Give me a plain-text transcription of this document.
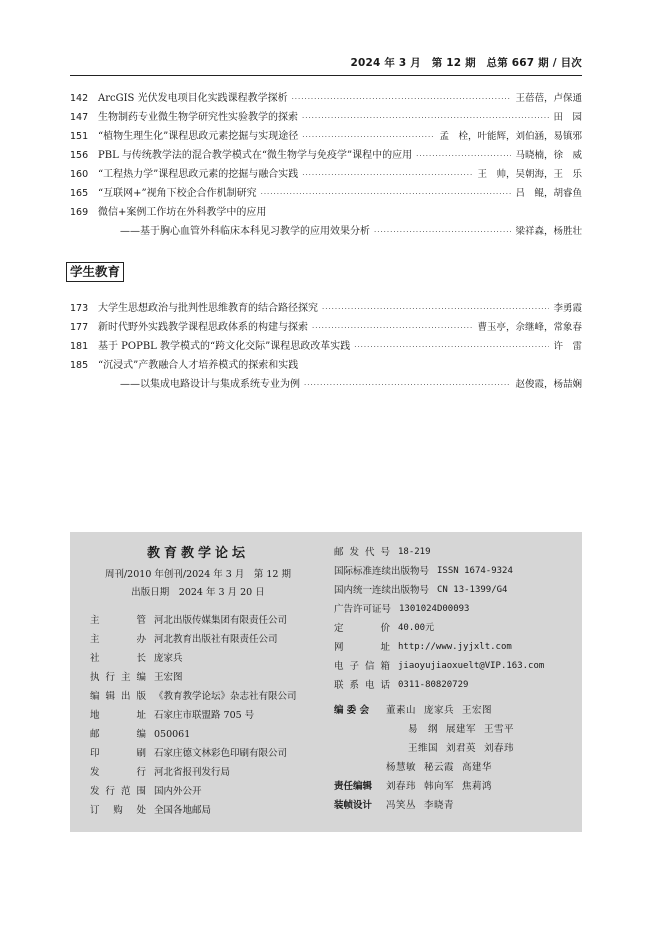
2024 年 3 月　第 12 期　总第 667 期 / 目次
142 ArcGIS 光伏发电项目化实践课程教学探析 ·····	王蓓蓓，卢保通
147 生物制药专业微生物学研究性实验教学的探索 ·····	田　园
151 “植物生理生化”课程思政元素挖掘与实现途径 ·····	孟　栓，叶能辉，刘伯涵，易镇邪
156 PBL 与传统教学法的混合教学模式在“微生物学与免疫学”课程中的应用 ·····	马晓楠，徐　威
160 “工程热力学”课程思政元素的挖掘与融合实践 ·····	王　帅，吴朝海，王　乐
165 “互联网+”视角下校企合作机制研究 ·····	吕　鲲，胡睿鱼
169 微信+案例工作坊在外科教学中的应用
——基于胸心血管外科临床本科见习教学的应用效果分析 ·····	梁祥森，杨胜壮
学生教育
173 大学生思想政治与批判性思维教育的结合路径探究 ·····	李勇霞
177 新时代野外实践教学课程思政体系的构建与探索 ·····	曹玉亭，佘继峰，常象春
181 基于 POPBL 教学模式的“跨文化交际”课程思政改革实践 ·····	许　雷
185 “沉浸式”产教融合人才培养模式的探索和实践
——以集成电路设计与集成系统专业为例 ·····	赵俊霞，杨喆娴
教育教学论坛
周刊/2010 年创刊/2024 年 3 月　第 12 期
出版日期　2024 年 3 月 20 日
主　　管 河北出版传媒集团有限责任公司
主　　办 河北教育出版社有限责任公司
社　　长 庞家兵
执行主编 王宏图
编辑出版 《教育教学论坛》杂志社有限公司
地　　址 石家庄市联盟路 705 号
邮　　编 050061
印　　刷 石家庄德文林彩色印刷有限公司
发　　行 河北省报刊发行局
发行范围 国内外公开
订 购 处 全国各地邮局
邮发代号 18-219
国际标准连续出版物号 ISSN 1674-9324
国内统一连续出版物号 CN 13-1399/G4
广告许可证号 1301024D00093
定　　价 40.00元
网　　址 http://www.jyjxlt.com
电子信箱 jiaoyujiaoxuelt@VIP.163.com
联系电话 0311-80820729
编 委 会	董素山 庞家兵 王宏图
易　纲 展建军 王雪平
王维国 刘君英 刘春玮
杨慧敏 秘云霞 高建华
责任编辑	刘春玮 韩向军 焦莉鸿
装帧设计	冯笑丛 李晓青
